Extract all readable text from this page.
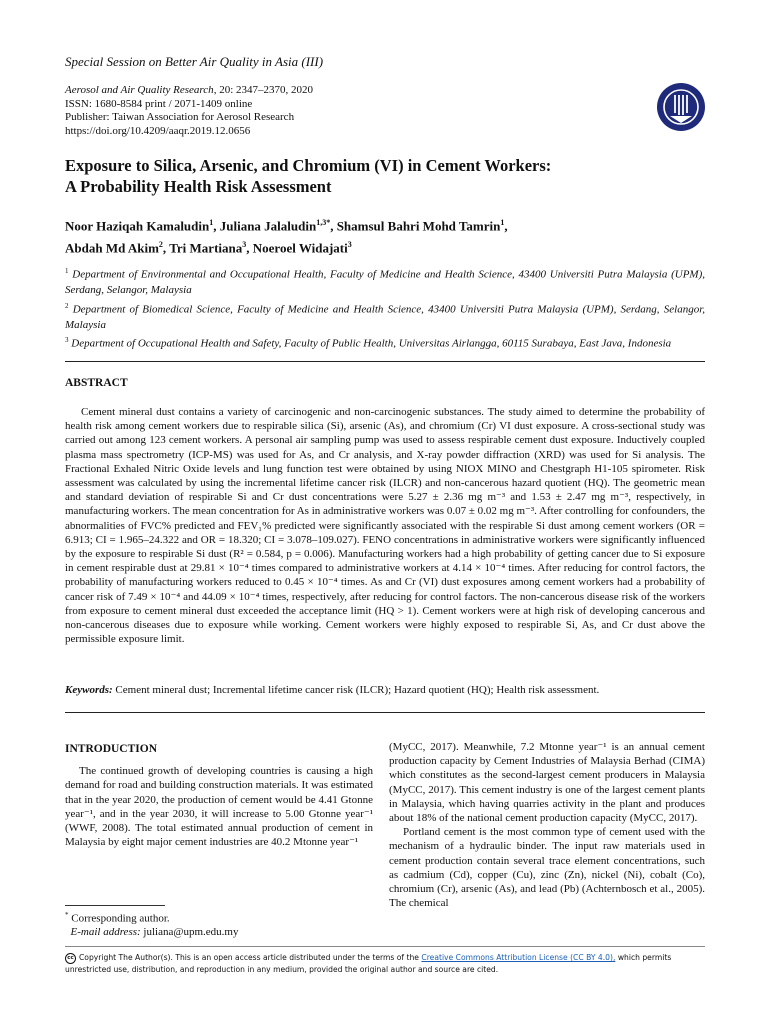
Special Session on Better Air Quality in Asia (III)
Aerosol and Air Quality Research, 20: 2347–2370, 2020
ISSN: 1680-8584 print / 2071-1409 online
Publisher: Taiwan Association for Aerosol Research
https://doi.org/10.4209/aaqr.2019.12.0656
Exposure to Silica, Arsenic, and Chromium (VI) in Cement Workers:
A Probability Health Risk Assessment
Noor Haziqah Kamaludin$^1$, Juliana Jalaludin$^{1,3*}$, Shamsul Bahri Mohd Tamrin$^1$,
Abdah Md Akim$^2$, Tri Martiana$^3$, Noeroel Widajati$^3$
$^1$ Department of Environmental and Occupational Health, Faculty of Medicine and Health Science, 43400 Universiti Putra Malaysia (UPM), Serdang, Selangor, Malaysia
$^2$ Department of Biomedical Science, Faculty of Medicine and Health Science, 43400 Universiti Putra Malaysia (UPM), Serdang, Selangor, Malaysia
$^3$ Department of Occupational Health and Safety, Faculty of Public Health, Universitas Airlangga, 60115 Surabaya, East Java, Indonesia
ABSTRACT
Cement mineral dust contains a variety of carcinogenic and non-carcinogenic substances. The study aimed to determine the probability of health risk among cement workers due to respirable silica (Si), arsenic (As), and chromium (Cr) VI dust exposure. A cross-sectional study was carried out among 123 cement workers. A personal air sampling pump was used to assess respirable cement dust exposure. Inductively coupled plasma mass spectrometry (ICP-MS) was used for As, and Cr analysis, and X-ray powder diffraction (XRD) was used for Si analysis. The Fractional Exhaled Nitric Oxide levels and lung function test were obtained by using NIOX MINO and Chestgraph H1-105 spirometer. Risk assessment was calculated by using the incremental lifetime cancer risk (ILCR) and non-cancerous hazard quotient (HQ). The geometric mean and standard deviation of respirable Si and Cr dust concentrations were 5.27 ± 2.36 mg m⁻³ and 1.53 ± 2.47 mg m⁻³, respectively, in manufacturing workers. The mean concentration for As in administrative workers was 0.07 ± 0.02 mg m⁻³. After controlling for confounders, the abnormalities of FVC% predicted and FEV₁% predicted were significantly associated with the respirable Si dust among cement workers (OR = 6.913; CI = 1.965–24.322 and OR = 18.320; CI = 3.078–109.027). FENO concentrations in administrative workers were significantly influenced by the exposure to respirable Si dust (R² = 0.584, p = 0.006). Manufacturing workers had a high probability of getting cancer due to Si exposure in cement respirable dust at 29.81 × 10⁻⁴ times compared to administrative workers at 4.14 × 10⁻⁴ times. After reducing for control factors, the probability of manufacturing workers reduced to 0.45 × 10⁻⁴ times. As and Cr (VI) dust exposures among cement workers had a probability of cancer risk of 7.49 × 10⁻⁴ and 44.09 × 10⁻⁴ times, respectively, after reducing for control factors. The non-cancerous disease risk of the workers from exposure to cement mineral dust exceeded the acceptance limit (HQ > 1). Cement workers were at high risk of developing cancerous and non-cancerous diseases due to exposure while working. Cement workers were highly exposed to respirable Si, As, and Cr dust above the permissible exposure limit.
Keywords: Cement mineral dust; Incremental lifetime cancer risk (ILCR); Hazard quotient (HQ); Health risk assessment.
INTRODUCTION

The continued growth of developing countries is causing a high demand for road and building construction materials. It was estimated that in the year 2020, the production of cement would be 4.41 Gtonne year⁻¹, and in the year 2030, it will increase to 5.00 Gtonne year⁻¹ (WWF, 2008). The total estimated annual production of cement in Malaysia by eight major cement industries are 40.2 Mtonne year⁻¹

(MyCC, 2017). Meanwhile, 7.2 Mtonne year⁻¹ is an annual cement production capacity by Cement Industries of Malaysia Berhad (CIMA) which constitutes as the second-largest cement producers in Malaysia (MyCC, 2017). This cement industry is one of the largest cement plants in Malaysia, which having quarries activity in the plant and produces about 18% of the national cement production capacity (MyCC, 2017).

Portland cement is the most common type of cement used with the mechanism of a hydraulic binder. The input raw materials used in cement production contain several trace element concentrations, such as cadmium (Cd), copper (Cu), zinc (Zn), nickel (Ni), cobalt (Co), chromium (Cr), arsenic (As), and lead (Pb) (Achternbosch et al., 2005). The chemical

* Corresponding author.
E-mail address: juliana@upm.edu.my
cc Copyright The Author(s). This is an open access article distributed under the terms of the Creative Commons Attribution License (CC BY 4.0), which permits unrestricted use, distribution, and reproduction in any medium, provided the original author and source are cited.
